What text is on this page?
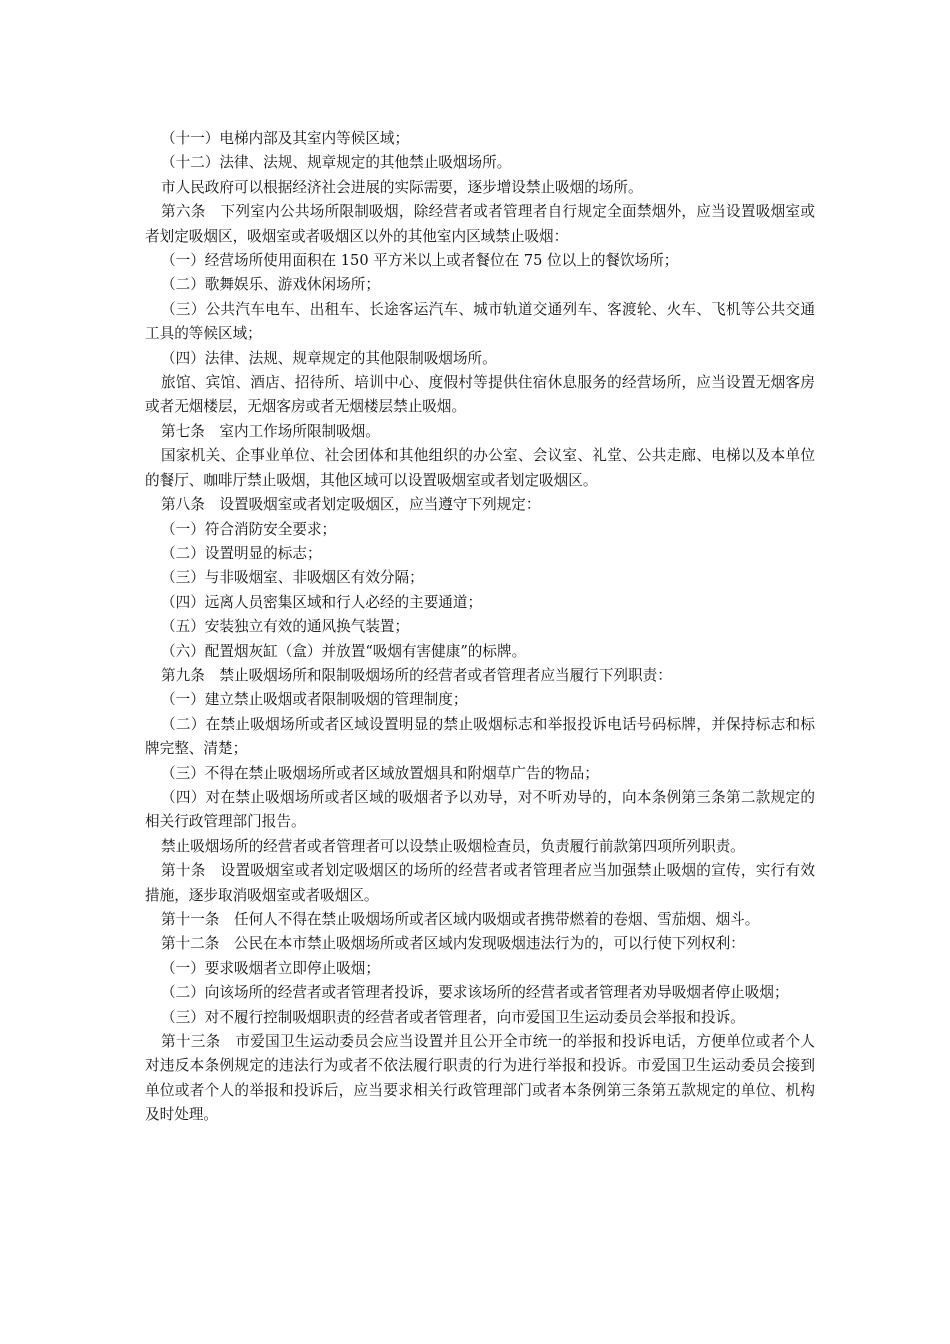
（十一）电梯内部及其室内等候区域；

（十二）法律、法规、规章规定的其他禁止吸烟场所。

市人民政府可以根据经济社会进展的实际需要，逐步增设禁止吸烟的场所。

第六条　下列室内公共场所限制吸烟，除经营者或者管理者自行规定全面禁烟外，应当设置吸烟室或者划定吸烟区，吸烟室或者吸烟区以外的其他室内区域禁止吸烟：

（一）经营场所使用面积在 150 平方米以上或者餐位在 75 位以上的餐饮场所；

（二）歌舞娱乐、游戏休闲场所；

（三）公共汽车电车、出租车、长途客运汽车、城市轨道交通列车、客渡轮、火车、飞机等公共交通工具的等候区域；

（四）法律、法规、规章规定的其他限制吸烟场所。

旅馆、宾馆、酒店、招待所、培训中心、度假村等提供住宿休息服务的经营场所，应当设置无烟客房或者无烟楼层，无烟客房或者无烟楼层禁止吸烟。

第七条　室内工作场所限制吸烟。

国家机关、企事业单位、社会团体和其他组织的办公室、会议室、礼堂、公共走廊、电梯以及本单位的餐厅、咖啡厅禁止吸烟，其他区域可以设置吸烟室或者划定吸烟区。

第八条　设置吸烟室或者划定吸烟区，应当遵守下列规定：

（一）符合消防安全要求；

（二）设置明显的标志；

（三）与非吸烟室、非吸烟区有效分隔；

（四）远离人员密集区域和行人必经的主要通道；

（五）安装独立有效的通风换气装置；

（六）配置烟灰缸（盒）并放置“吸烟有害健康”的标牌。

第九条　禁止吸烟场所和限制吸烟场所的经营者或者管理者应当履行下列职责：

（一）建立禁止吸烟或者限制吸烟的管理制度；

（二）在禁止吸烟场所或者区域设置明显的禁止吸烟标志和举报投诉电话号码标牌，并保持标志和标牌完整、清楚；

（三）不得在禁止吸烟场所或者区域放置烟具和附烟草广告的物品；

（四）对在禁止吸烟场所或者区域的吸烟者予以劝导，对不听劝导的，向本条例第三条第二款规定的相关行政管理部门报告。

禁止吸烟场所的经营者或者管理者可以设禁止吸烟检查员，负责履行前款第四项所列职责。

第十条　设置吸烟室或者划定吸烟区的场所的经营者或者管理者应当加强禁止吸烟的宣传，实行有效措施，逐步取消吸烟室或者吸烟区。

第十一条　任何人不得在禁止吸烟场所或者区域内吸烟或者携带燃着的卷烟、雪茄烟、烟斗。

第十二条　公民在本市禁止吸烟场所或者区域内发现吸烟违法行为的，可以行使下列权利：

（一）要求吸烟者立即停止吸烟；

（二）向该场所的经营者或者管理者投诉，要求该场所的经营者或者管理者劝导吸烟者停止吸烟；

（三）对不履行控制吸烟职责的经营者或者管理者，向市爱国卫生运动委员会举报和投诉。

第十三条　市爱国卫生运动委员会应当设置并且公开全市统一的举报和投诉电话，方便单位或者个人对违反本条例规定的违法行为或者不依法履行职责的行为进行举报和投诉。市爱国卫生运动委员会接到单位或者个人的举报和投诉后，应当要求相关行政管理部门或者本条例第三条第五款规定的单位、机构及时处理。
